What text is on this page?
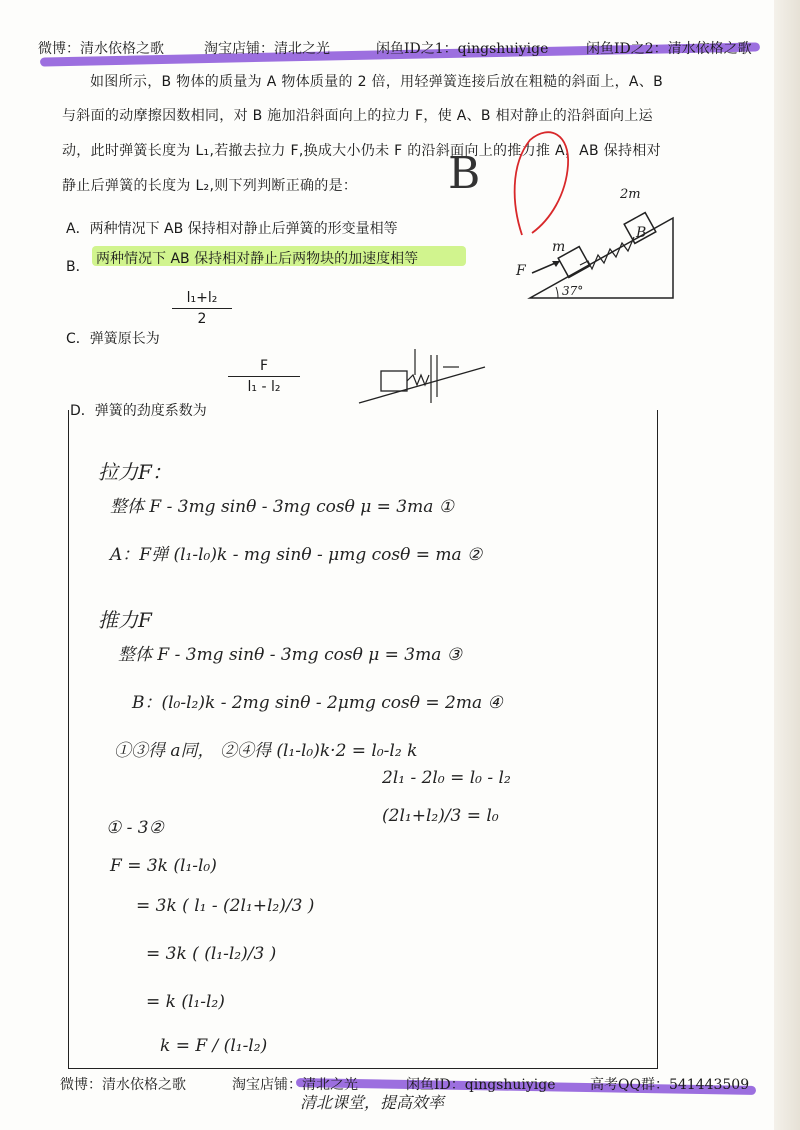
微博：清水依格之歌	淘宝店铺：清北之光	闲鱼ID之1：qingshuiyige	闲鱼ID之2：清水依格之歌
如图所示，B 物体的质量为 A 物体质量的 2 倍，用轻弹簧连接后放在粗糙的斜面上，A、B
与斜面的动摩擦因数相同，对 B 施加沿斜面向上的拉力 F，使 A、B 相对静止的沿斜面向上运
动，此时弹簧长度为 L₁,若撤去拉力 F,换成大小仍未 F 的沿斜面向上的推力推 A，AB 保持相对
静止后弹簧的长度为 L₂,则下列判断正确的是：
A．两种情况下 AB 保持相对静止后弹簧的形变量相等
B． 两种情况下 AB 保持相对静止后两物块的加速度相等
C．弹簧原长为
l₁+l₂
2
D．弹簧的劲度系数为
F
l₁ - l₂
2m
B
m
F
37°
B
拉力F：
整体 F - 3mg sinθ - 3mg cosθ μ = 3ma ①
A：F弹 (l₁-l₀)k - mg sinθ - μmg cosθ = ma ②
推力F
整体 F - 3mg sinθ - 3mg cosθ μ = 3ma ③
B：(l₀-l₂)k - 2mg sinθ - 2μmg cosθ = 2ma ④
①③得 a同， ②④得 (l₁-l₀)k·2 = l₀-l₂ k
2l₁ - 2l₀ = l₀ - l₂
(2l₁+l₂)/3 = l₀
① - 3②
F = 3k (l₁-l₀)
= 3k ( l₁ - (2l₁+l₂)/3 )
= 3k ( (l₁-l₂)/3 )
= k (l₁-l₂)
k = F / (l₁-l₂)
微博：清水依格之歌	淘宝店铺：清北之光	闲鱼ID：qingshuiyige 高考QQ群：541443509
清北课堂，提高效率
